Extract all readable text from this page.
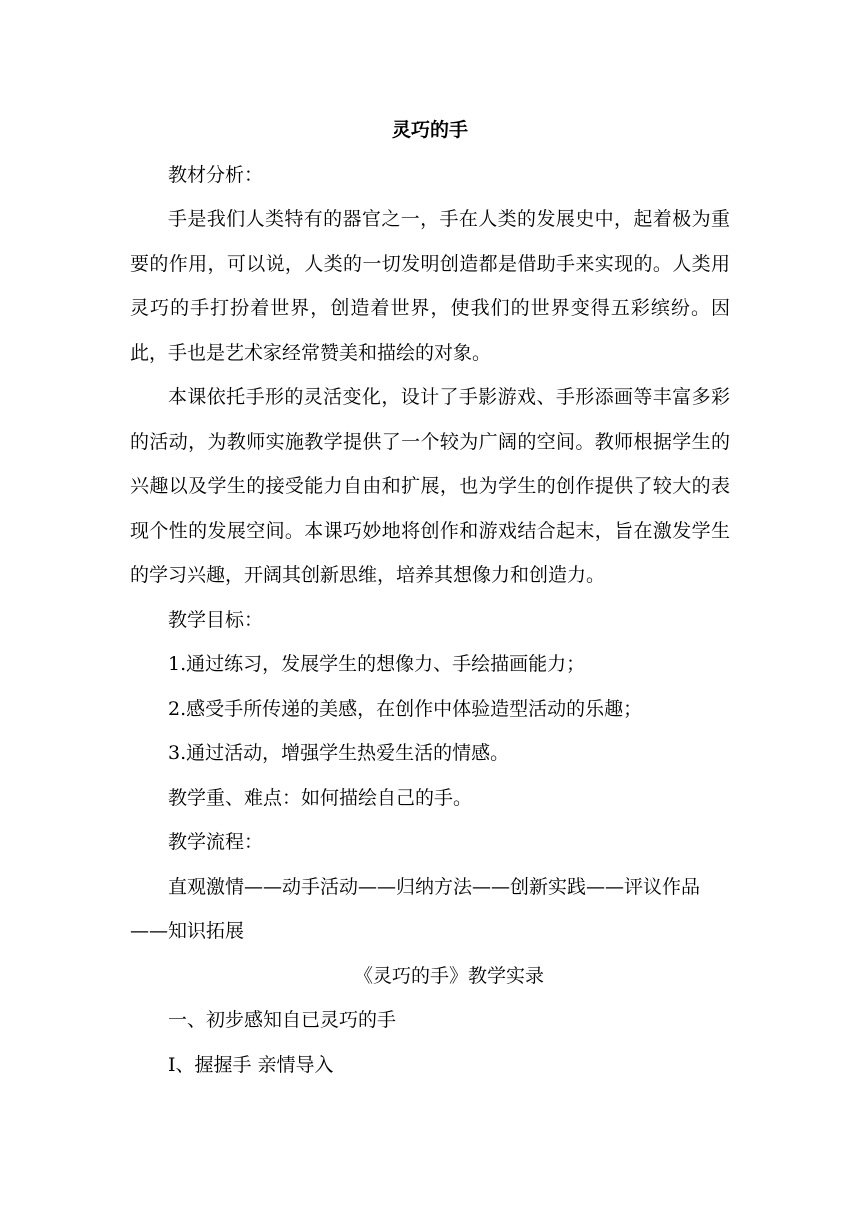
灵巧的手

教材分析：

手是我们人类特有的器官之一，手在人类的发展史中，起着极为重要的作用，可以说，人类的一切发明创造都是借助手来实现的。人类用灵巧的手打扮着世界，创造着世界，使我们的世界变得五彩缤纷。因此，手也是艺术家经常赞美和描绘的对象。

本课依托手形的灵活变化，设计了手影游戏、手形添画等丰富多彩的活动，为教师实施教学提供了一个较为广阔的空间。教师根据学生的兴趣以及学生的接受能力自由和扩展，也为学生的创作提供了较大的表现个性的发展空间。本课巧妙地将创作和游戏结合起末，旨在激发学生的学习兴趣，开阔其创新思维，培养其想像力和创造力。

教学目标：

1.通过练习，发展学生的想像力、手绘描画能力；

2.感受手所传递的美感，在创作中体验造型活动的乐趣；

3.通过活动，增强学生热爱生活的情感。

教学重、难点：如何描绘自己的手。

教学流程：

直观激情——动手活动——归纳方法——创新实践——评议作品——知识拓展

《灵巧的手》教学实录

一、初步感知自已灵巧的手

I、握握手 亲情导入
